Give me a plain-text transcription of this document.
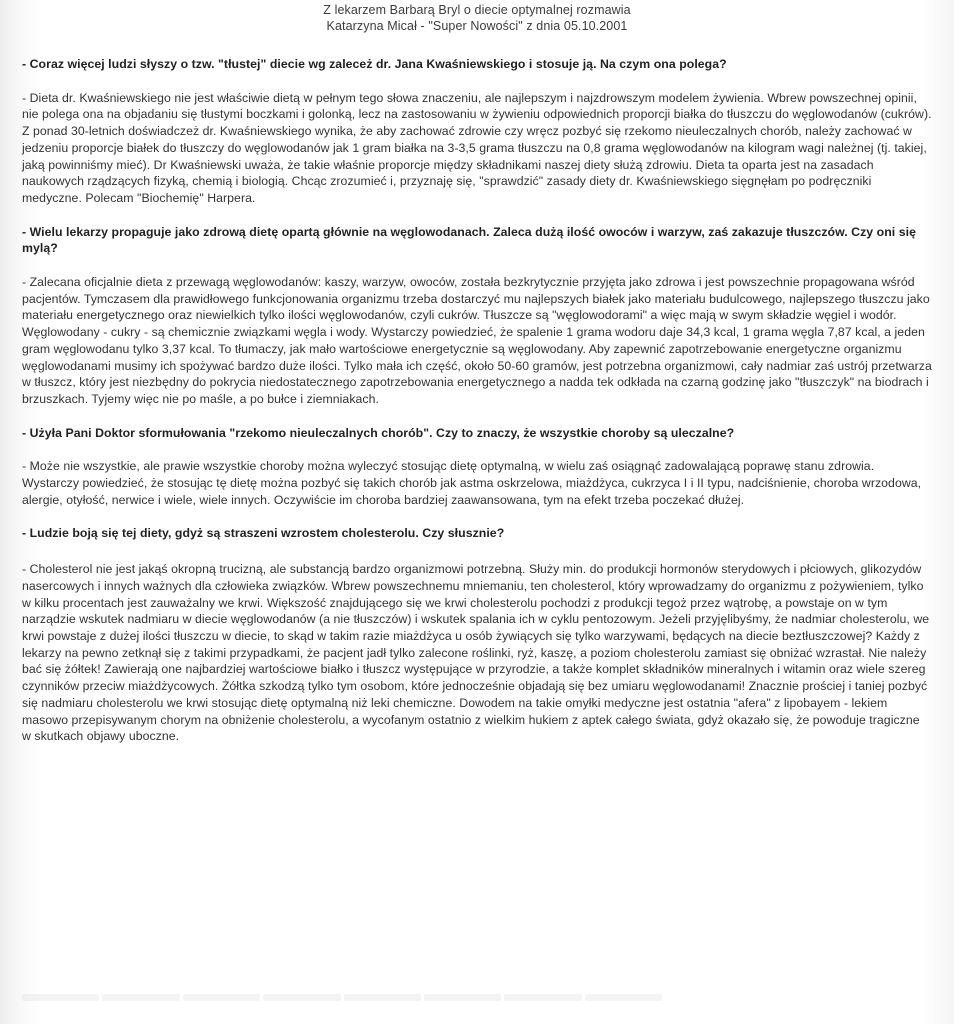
Z lekarzem Barbarą Bryl o diecie optymalnej rozmawia
Katarzyna Micał - "Super Nowości" z dnia 05.10.2001
- Coraz więcej ludzi słyszy o tzw. "tłustej" diecie wg zaleceż dr. Jana Kwaśniewskiego i stosuje ją. Na czym ona polega?
- Dieta dr. Kwaśniewskiego nie jest właściwie dietą w pełnym tego słowa znaczeniu, ale najlepszym i najzdrowszym modelem żywienia. Wbrew powszechnej opinii, nie polega ona na objadaniu się tłustymi boczkami i golonką, lecz na zastosowaniu w żywieniu odpowiednich proporcji białka do tłuszczu do węglowodanów (cukrów). Z ponad 30-letnich doświadczeż dr. Kwaśniewskiego wynika, że aby zachować zdrowie czy wręcz pozbyć się rzekomo nieuleczalnych chorób, należy zachować w jedzeniu proporcje białek do tłuszczy do węglowodanów jak 1 gram białka na 3-3,5 grama tłuszczu na 0,8 grama węglowodanów na kilogram wagi należnej (tj. takiej, jaką powinniśmy mieć). Dr Kwaśniewski uważa, że takie właśnie proporcje między składnikami naszej diety służą zdrowiu. Dieta ta oparta jest na zasadach naukowych rządzących fizyką, chemią i biologią. Chcąc zrozumieć i, przyznaję się, "sprawdzić" zasady diety dr. Kwaśniewskiego sięgnęłam po podręczniki medyczne. Polecam "Biochemię" Harpera.
- Wielu lekarzy propaguje jako zdrową dietę opartą głównie na węglowodanach. Zaleca dużą ilość owoców i warzyw, zaś zakazuje tłuszczów. Czy oni się mylą?
- Zalecana oficjalnie dieta z przewagą węglowodanów: kaszy, warzyw, owoców, została bezkrytycznie przyjęta jako zdrowa i jest powszechnie propagowana wśród pacjentów. Tymczasem dla prawidłowego funkcjonowania organizmu trzeba dostarczyć mu najlepszych białek jako materiału budulcowego, najlepszego tłuszczu jako materiału energetycznego oraz niewielkich tylko ilości węglowodanów, czyli cukrów. Tłuszcze są "węglowodorami" a więc mają w swym składzie węgiel i wodór. Węglowodany - cukry - są chemicznie związkami węgla i wody. Wystarczy powiedzieć, że spalenie 1 grama wodoru daje 34,3 kcal, 1 grama węgla 7,87 kcal, a jeden gram węglowodanu tylko 3,37 kcal. To tłumaczy, jak mało wartościowe energetycznie są węglowodany. Aby zapewnić zapotrzebowanie energetyczne organizmu węglowodanami musimy ich spożywać bardzo duże ilości. Tylko mała ich część, około 50-60 gramów, jest potrzebna organizmowi, cały nadmiar zaś ustrój przetwarza w tłuszcz, który jest niezbędny do pokrycia niedostatecznego zapotrzebowania energetycznego a nadda tek odkłada na czarną godzinę jako "tłuszczyk" na biodrach i brzuszkach. Tyjemy więc nie po maśle, a po bułce i ziemniakach.
- Użyła Pani Doktor sformułowania "rzekomo nieuleczalnych chorób". Czy to znaczy, że wszystkie choroby są uleczalne?
- Może nie wszystkie, ale prawie wszystkie choroby można wyleczyć stosując dietę optymalną, w wielu zaś osiągnąć zadowalającą poprawę stanu zdrowia. Wystarczy powiedzieć, że stosując tę dietę można pozbyć się takich chorób jak astma oskrzelowa, miażdżyca, cukrzyca I i II typu, nadciśnienie, choroba wrzodowa, alergie, otyłość, nerwice i wiele, wiele innych. Oczywiście im choroba bardziej zaawansowana, tym na efekt trzeba poczekać dłużej.
- Ludzie boją się tej diety, gdyż są straszeni wzrostem cholesterolu. Czy słusznie?
- Cholesterol nie jest jakąś okropną trucizną, ale substancją bardzo organizmowi potrzebną. Służy min. do produkcji hormonów sterydowych i płciowych, glikozydów nasercowych i innych ważnych dla człowieka związków. Wbrew powszechnemu mniemaniu, ten cholesterol, który wprowadzamy do organizmu z pożywieniem, tylko w kilku procentach jest zauważalny we krwi. Większość znajdującego się we krwi cholesterolu pochodzi z produkcji tegoż przez wątrobę, a powstaje on w tym narządzie wskutek nadmiaru w diecie węglowodanów (a nie tłuszczów) i wskutek spalania ich w cyklu pentozowym. Jeżeli przyjęlibyśmy, że nadmiar cholesterolu, we krwi powstaje z dużej ilości tłuszczu w diecie, to skąd w takim razie miażdżyca u osób żywiących się tylko warzywami, będących na diecie beztłuszczowej? Każdy z lekarzy na pewno zetknął się z takimi przypadkami, że pacjent jadł tylko zalecone roślinki, ryż, kaszę, a poziom cholesterolu zamiast się obniżać wzrastał. Nie należy bać się żółtek! Zawierają one najbardziej wartościowe białko i tłuszcz występujące w przyrodzie, a także komplet składników mineralnych i witamin oraz wiele szereg czynników przeciw miażdżycowych. Żółtka szkodzą tylko tym osobom, które jednocześnie objadają się bez umiaru węglowodanami! Znacznie prościej i taniej pozbyć się nadmiaru cholesterolu we krwi stosując dietę optymalną niż leki chemiczne. Dowodem na takie omyłki medyczne jest ostatnia "afera" z lipobayem - lekiem masowo przepisywanym chorym na obniżenie cholesterolu, a wycofanym ostatnio z wielkim hukiem z aptek całego świata, gdyż okazało się, że powoduje tragiczne w skutkach objawy uboczne.
